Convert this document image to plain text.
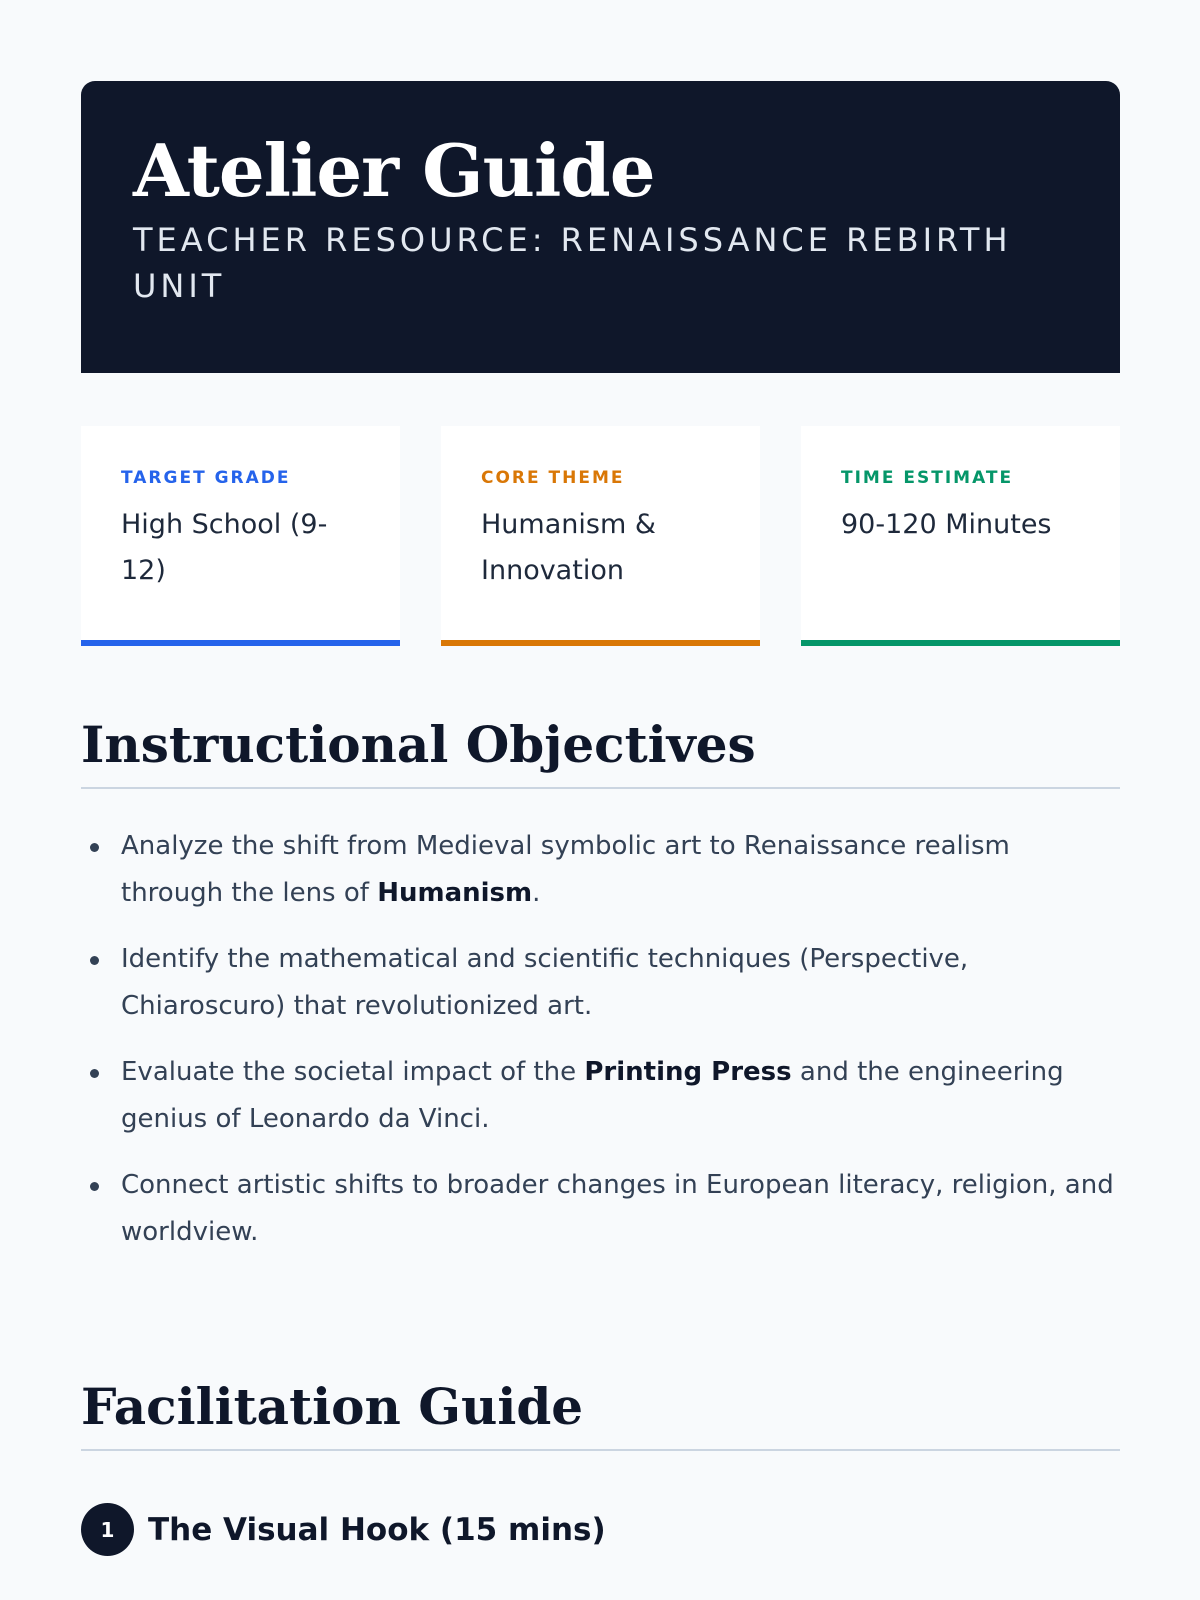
Atelier Guide
TEACHER RESOURCE: RENAISSANCE REBIRTH UNIT
TARGET GRADE
High School (9-12)
CORE THEME
Humanism & Innovation
TIME ESTIMATE
90-120 Minutes
Instructional Objectives
Analyze the shift from Medieval symbolic art to Renaissance realism through the lens of Humanism.
Identify the mathematical and scientific techniques (Perspective, Chiaroscuro) that revolutionized art.
Evaluate the societal impact of the Printing Press and the engineering genius of Leonardo da Vinci.
Connect artistic shifts to broader changes in European literacy, religion, and worldview.
Facilitation Guide
1	The Visual Hook (15 mins)
